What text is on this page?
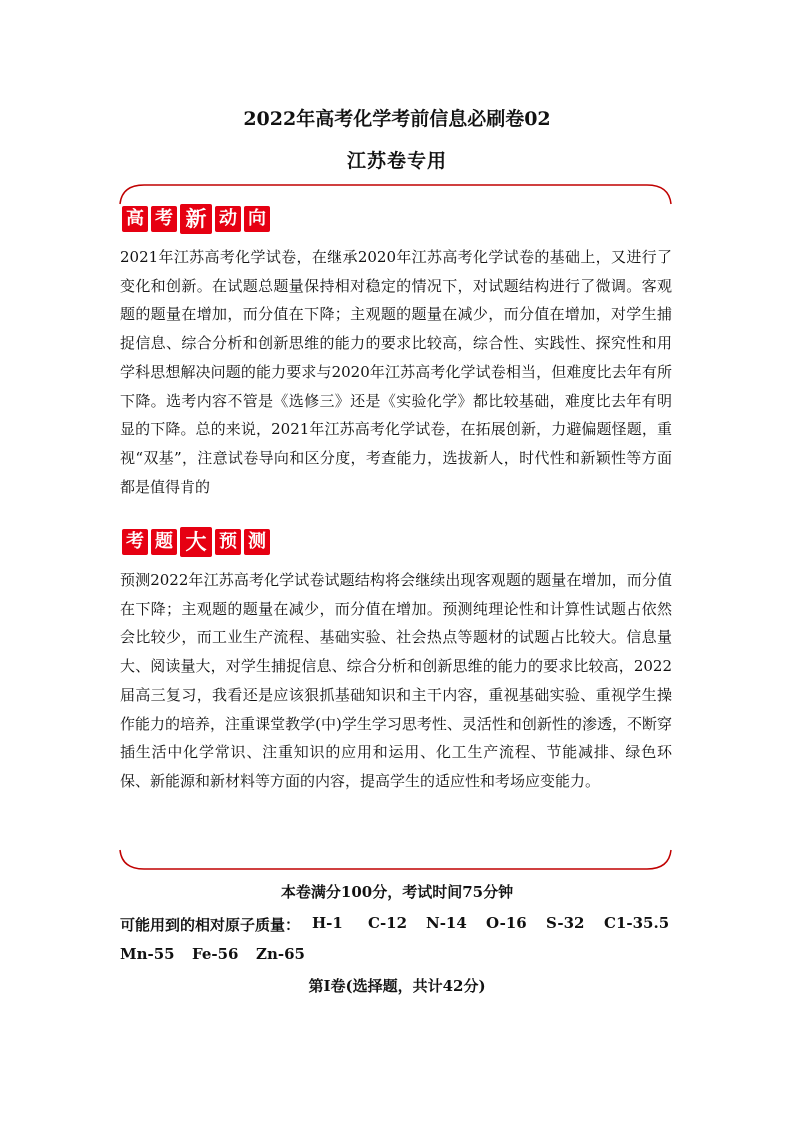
2022年高考化学考前信息必刷卷02
江苏卷专用
高 考 新 动 向

2021年江苏高考化学试卷，在继承2020年江苏高考化学试卷的基础上，又进行了变化和创新。在试题总题量保持相对稳定的情况下，对试题结构进行了微调。客观题的题量在增加，而分值在下降；主观题的题量在减少，而分值在增加，对学生捕捉信息、综合分析和创新思维的能力的要求比较高，综合性、实践性、探究性和用学科思想解决问题的能力要求与2020年江苏高考化学试卷相当，但难度比去年有所下降。选考内容不管是《选修三》还是《实验化学》都比较基础，难度比去年有明显的下降。总的来说，2021年江苏高考化学试卷，在拓展创新，力避偏题怪题，重视“双基”，注意试卷导向和区分度，考查能力，选拔新人，时代性和新颖性等方面都是值得肯的

考 题 大 预 测

预测2022年江苏高考化学试卷试题结构将会继续出现客观题的题量在增加，而分值在下降；主观题的题量在减少，而分值在增加。预测纯理论性和计算性试题占依然会比较少，而工业生产流程、基础实验、社会热点等题材的试题占比较大。信息量大、阅读量大，对学生捕捉信息、综合分析和创新思维的能力的要求比较高，2022届高三复习，我看还是应该狠抓基础知识和主干内容，重视基础实验、重视学生操作能力的培养，注重课堂教学(中)学生学习思考性、灵活性和创新性的渗透，不断穿插生活中化学常识、注重知识的应用和运用、化工生产流程、节能减排、绿色环保、新能源和新材料等方面的内容，提高学生的适应性和考场应变能力。

本卷满分100分，考试时间75分钟
可能用到的相对原子质量： H-1 C-12 N-14 O-16 S-32 C1-35.5
Mn-55 Fe-56 Zn-65
第I卷(选择题，共计42分)
